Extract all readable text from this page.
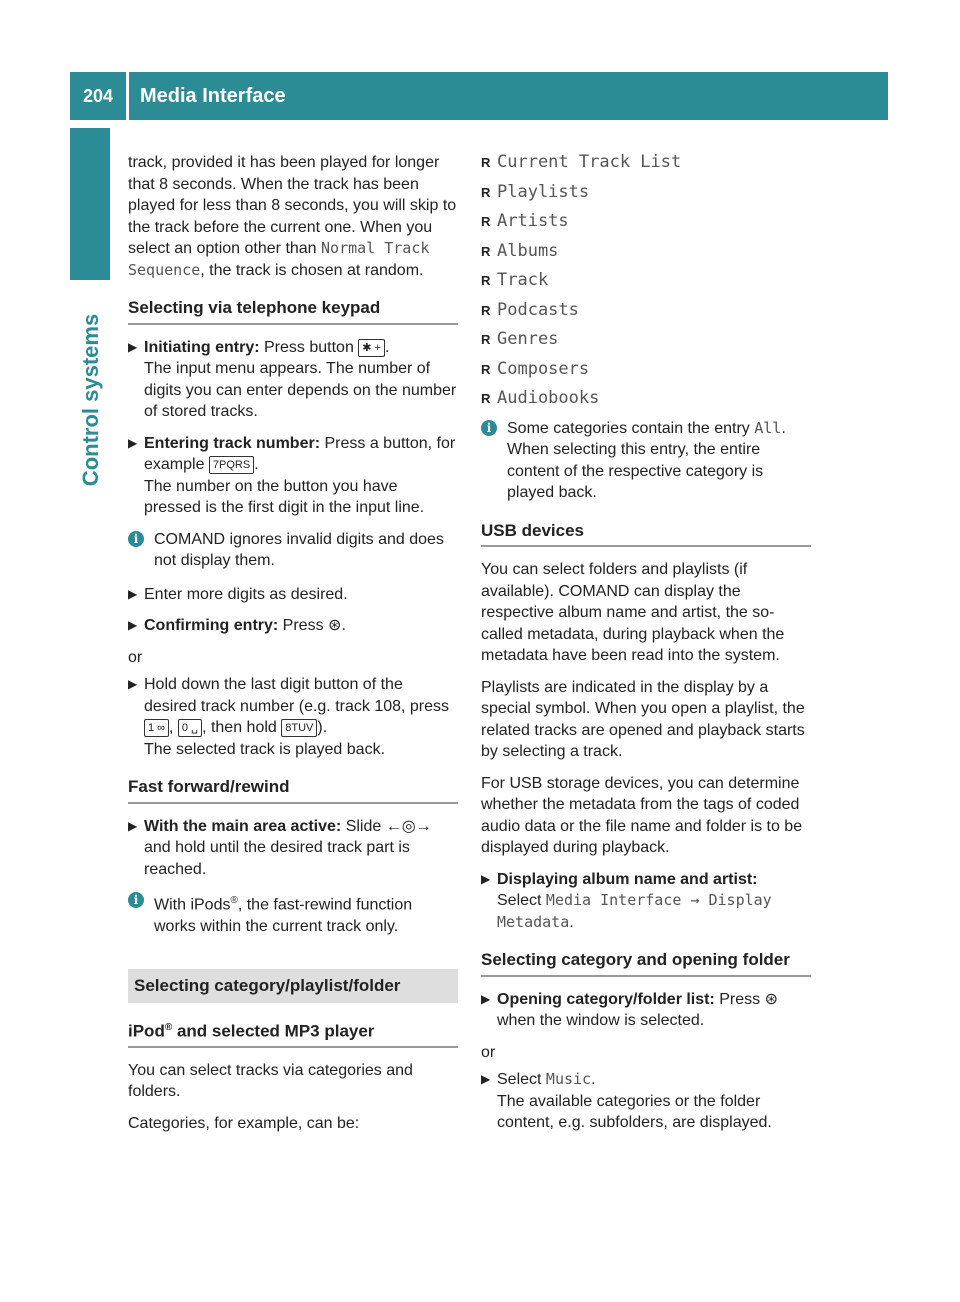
204	Media Interface
Control systems

track, provided it has been played for longer that 8 seconds. When the track has been played for less than 8 seconds, you will skip to the track before the current one. When you select an option other than Normal Track Sequence, the track is chosen at random.

Selecting via telephone keypad
▶ Initiating entry: Press button ✱ + .
The input menu appears. The number of digits you can enter depends on the number of stored tracks.
▶ Entering track number: Press a button, for example 7PQRS .
The number on the button you have pressed is the first digit in the input line.
i COMAND ignores invalid digits and does not display them.
▶ Enter more digits as desired.
▶ Confirming entry: Press ⊛.

or

▶ Hold down the last digit button of the desired track number (e.g. track 108, press 1 ∞ , 0 ␣ , then hold 8TUV ).
The selected track is played back.
Fast forward/rewind
▶ With the main area active: Slide ←◎→ and hold until the desired track part is reached.
i With iPods®, the fast-rewind function works within the current track only.
Selecting category/playlist/folder
iPod® and selected MP3 player

You can select tracks via categories and folders.

Categories, for example, can be:

R Current Track List
R Playlists
R Artists
R Albums
R Track
R Podcasts
R Genres
R Composers
R Audiobooks
i Some categories contain the entry All. When selecting this entry, the entire content of the respective category is played back.
USB devices

You can select folders and playlists (if available). COMAND can display the respective album name and artist, the so-called metadata, during playback when the metadata have been read into the system.

Playlists are indicated in the display by a special symbol. When you open a playlist, the related tracks are opened and playback starts by selecting a track.

For USB storage devices, you can determine whether the metadata from the tags of coded audio data or the file name and folder is to be displayed during playback.

▶ Displaying album name and artist:
Select Media Interface → Display Metadata.
Selecting category and opening folder
▶ Opening category/folder list: Press ⊛ when the window is selected.

or

▶ Select Music.
The available categories or the folder content, e.g. subfolders, are displayed.
